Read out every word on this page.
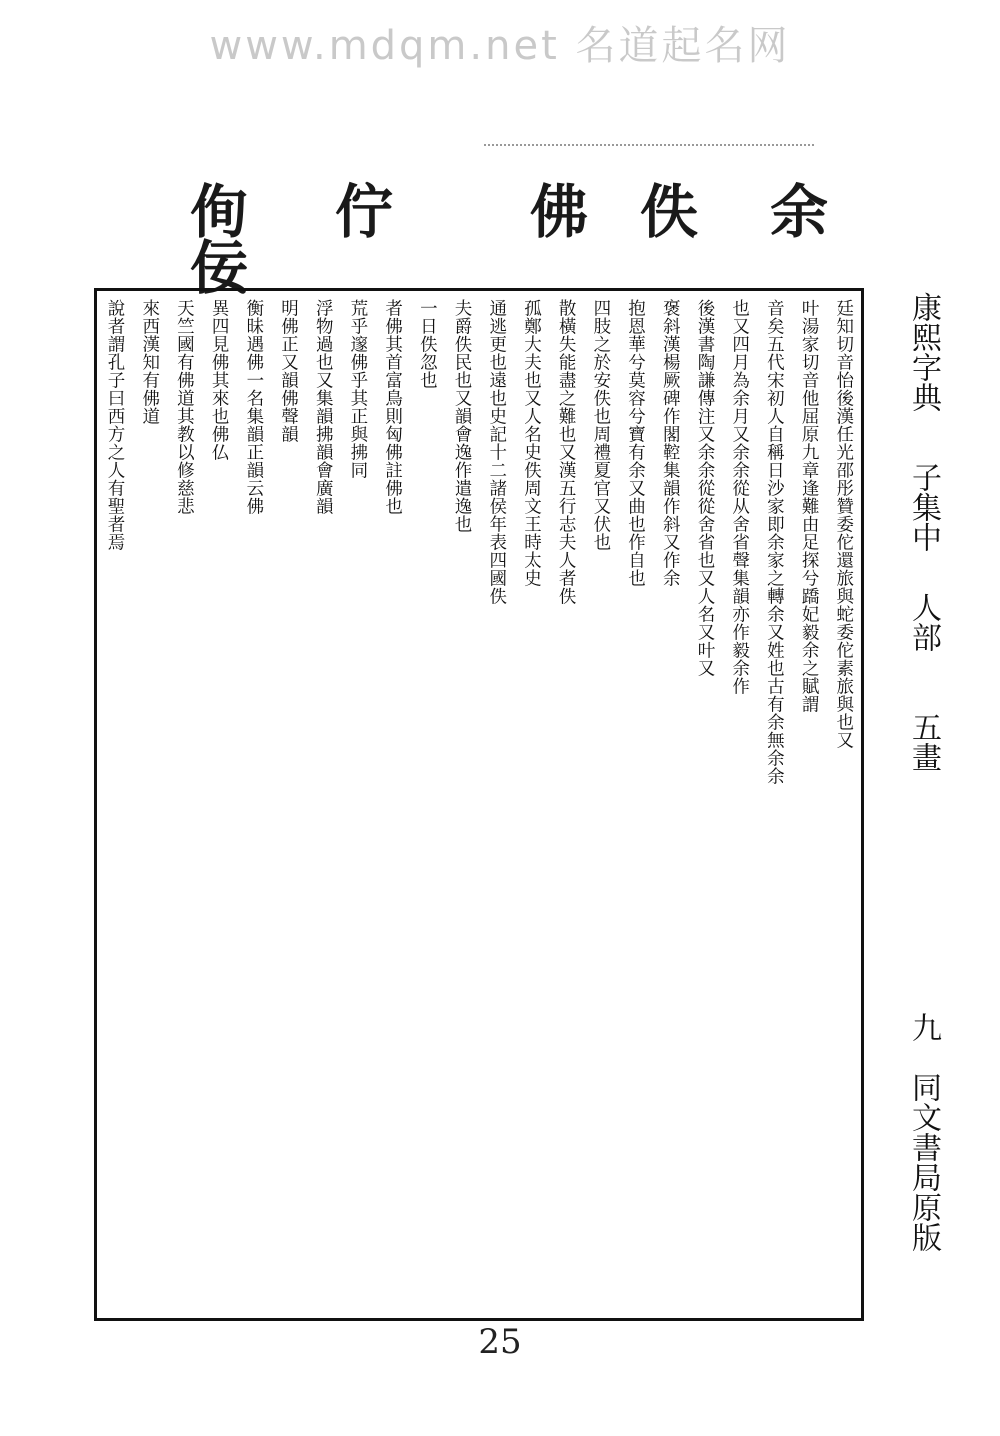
www.mdqm.net 名道起名网
余
佚
佛
佇
侚
佞
廷知切音怡後漢任光邵彤贊委佗還旅與蛇委佗素旅與也又
叶湯家切音他屈原九章逢難由足探兮蹻妃毅余之賦謂
音矣五代宋初人自稱日沙家即余家之轉余又姓也古有余無余余
也又四月為余月又余余從从舍省聲集韻亦作毅余作
後漢書陶謙傳注又余余從從舍省也又人名又叶又
褒斜漢楊厥碑作閣鞚集韻作斜又作余
抱恩華兮莫容兮寶有余又曲也作自也
四肢之於安佚也周禮夏官又伏也
散橫失能盡之難也又漢五行志夫人者佚
孤鄭大夫也又人名史佚周文王時太史
通逃更也遠也史記十二諸侯年表四國佚
夫爵佚民也又韻會逸作遣逸也
一日佚忽也
者佛其首富鳥則匈佛註佛也
荒乎邃佛乎其正與拂同
浮物過也又集韻拂韻會廣韻
明佛正又韻佛聲韻
衡昧遇佛一名集韻正韻云佛
異四見佛其來也佛仏
天竺國有佛道其教以修慈悲
來西漢知有佛道
說者謂孔子曰西方之人有聖者焉	康熙字典
子集中
人部
五畫
九
同文書局原版
25
